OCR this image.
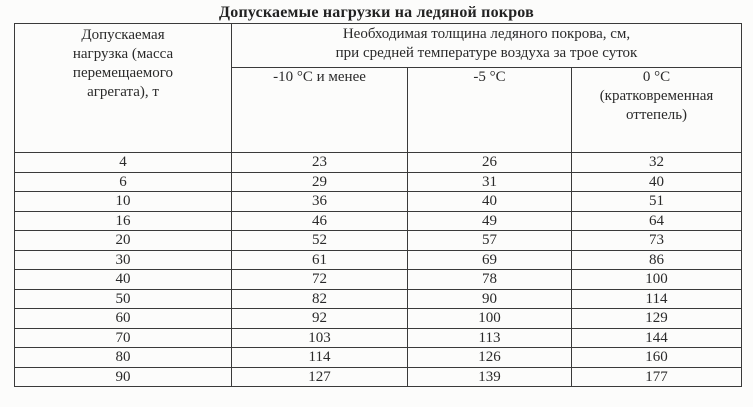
Допускаемые нагрузки на ледяной покров
Допускаемая
нагрузка (масса
перемещаемого
агрегата), т	Необходимая толщина ледяного покрова, см,
при средней температуре воздуха за трое суток		

	-10 °С и менее	-5 °С	0 °С
(кратковременная
оттепель)

4	23	26	32
6	29	31	40
10	36	40	51
16	46	49	64
20	52	57	73
30	61	69	86
40	72	78	100
50	82	90	114
60	92	100	129
70	103	113	144
80	114	126	160
90	127	139	177
